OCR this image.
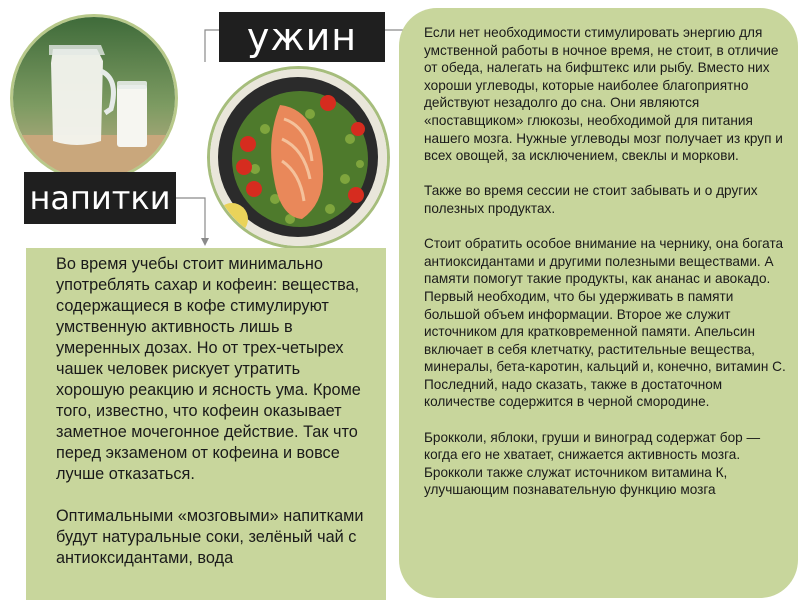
ужин
напитки

Во время учебы стоит минимально употреблять сахар и кофеин: вещества, содержащиеся в кофе стимулируют умственную активность лишь в умеренных дозах. Но от трех-четырех чашек человек рискует утратить хорошую реакцию и ясность ума. Кроме того, известно, что кофеин оказывает заметное мочегонное действие. Так что перед экзаменом от кофеина и вовсе лучше отказаться.

Оптимальными «мозговыми» напитками будут натуральные соки, зелёный чай с антиоксидантами, вода

Если нет необходимости стимулировать энергию для умственной работы в ночное время, не стоит, в отличие от обеда, налегать на бифштекс или рыбу. Вместо них хороши углеводы, которые наиболее благоприятно действуют незадолго до сна. Они являются «поставщиком» глюкозы, необходимой для питания нашего мозга. Нужные углеводы мозг получает из круп и всех овощей, за исключением, свеклы и моркови.

Также во время сессии не стоит забывать и о других полезных продуктах.

Стоит обратить особое внимание на чернику, она богата антиоксидантами и другими полезными веществами. А памяти помогут такие продукты, как ананас и авокадо. Первый необходим, что бы удерживать в памяти большой объем информации. Второе же служит источником для кратковременной памяти. Апельсин включает в себя клетчатку, растительные вещества, минералы, бета-каротин, кальций и, конечно, витамин С. Последний, надо сказать, также в достаточном количестве содержится в черной смородине.

Брокколи, яблоки, груши и виноград содержат бор — когда его не хватает, снижается активность мозга. Брокколи также служат источником витамина К, улучшающим познавательную функцию мозга
